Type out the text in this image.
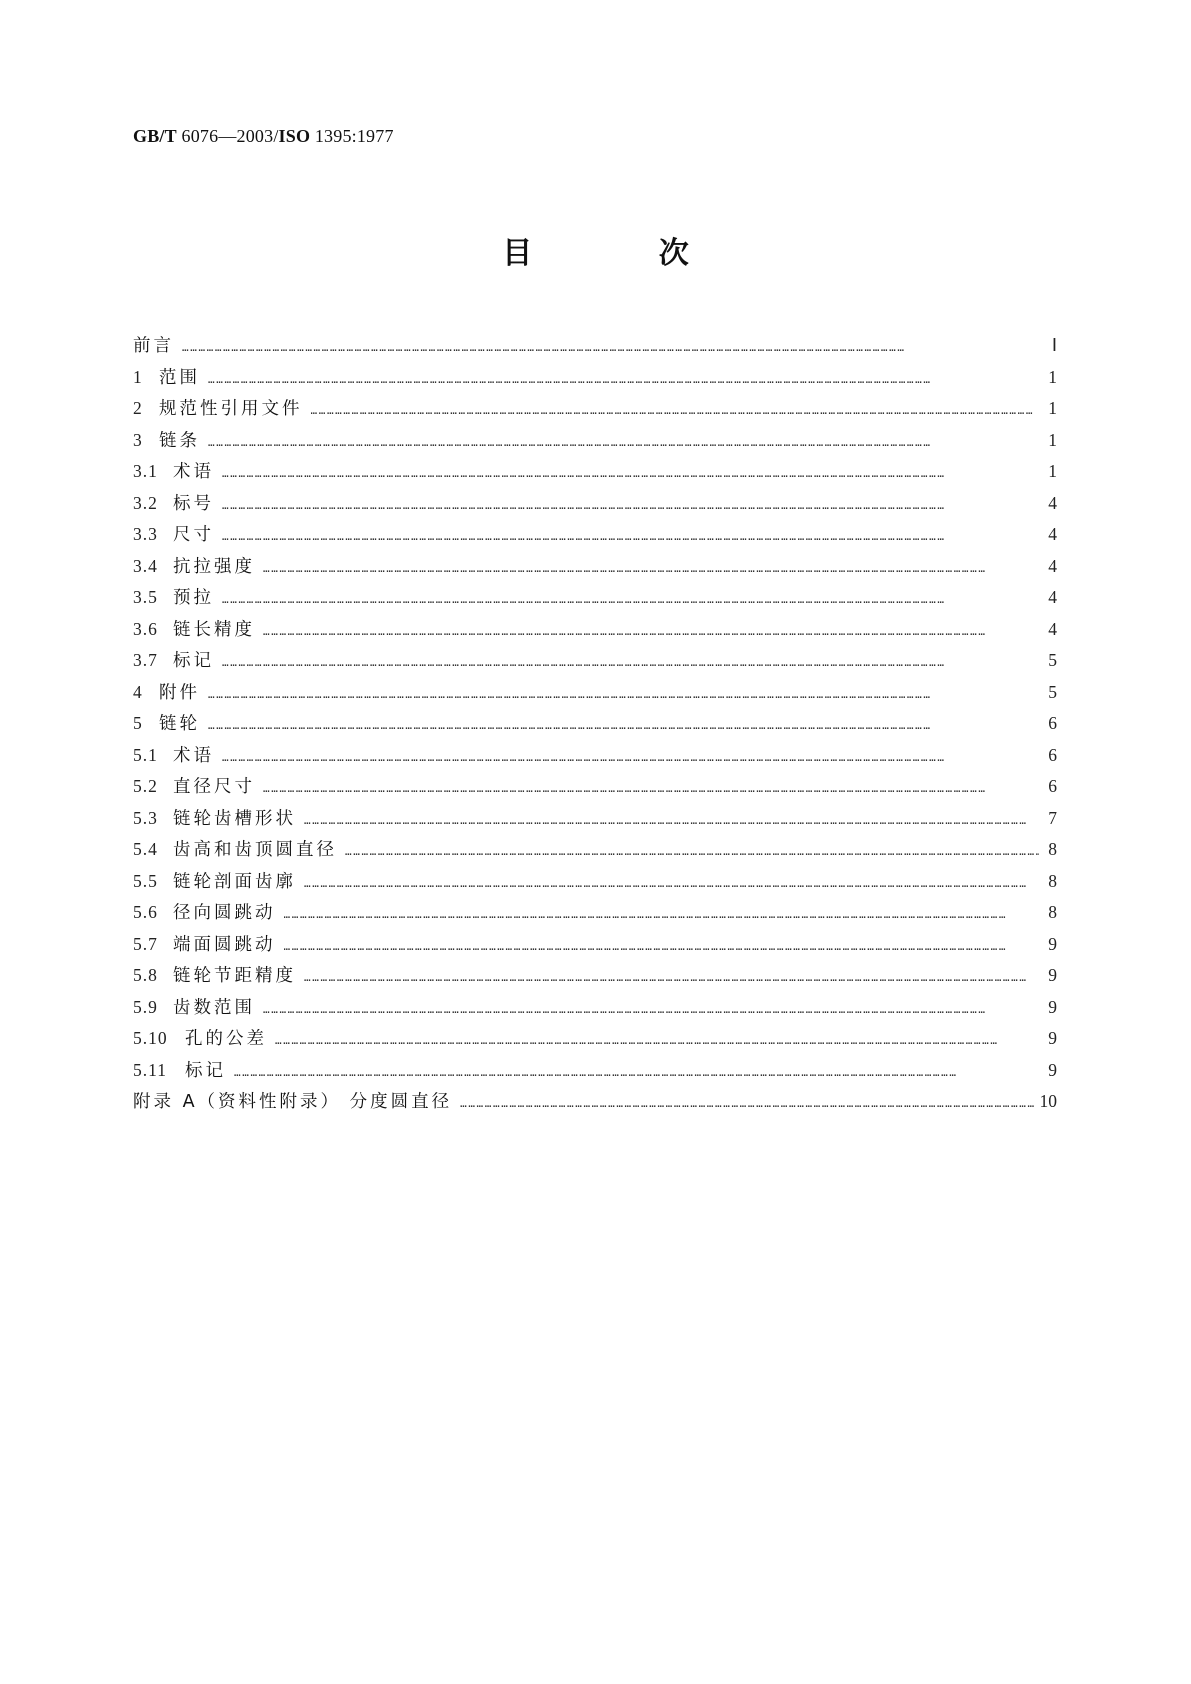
GB/T 6076—2003/ISO 1395:1977
目 次
前言 …………………………………………………………………………………………………………………………………………………………………………………………………………………………………………	Ⅰ
1 范围 …………………………………………………………………………………………………………………………………………………………………………………………………………………………………………	1
2 规范性引用文件 …………………………………………………………………………………………………………………………………………………………………………………………………………………………………………	1
3 链条 …………………………………………………………………………………………………………………………………………………………………………………………………………………………………………	1
3.1 术语 …………………………………………………………………………………………………………………………………………………………………………………………………………………………………………	1
3.2 标号 …………………………………………………………………………………………………………………………………………………………………………………………………………………………………………	4
3.3 尺寸 …………………………………………………………………………………………………………………………………………………………………………………………………………………………………………	4
3.4 抗拉强度 …………………………………………………………………………………………………………………………………………………………………………………………………………………………………………	4
3.5 预拉 …………………………………………………………………………………………………………………………………………………………………………………………………………………………………………	4
3.6 链长精度 …………………………………………………………………………………………………………………………………………………………………………………………………………………………………………	4
3.7 标记 …………………………………………………………………………………………………………………………………………………………………………………………………………………………………………	5
4 附件 …………………………………………………………………………………………………………………………………………………………………………………………………………………………………………	5
5 链轮 …………………………………………………………………………………………………………………………………………………………………………………………………………………………………………	6
5.1 术语 …………………………………………………………………………………………………………………………………………………………………………………………………………………………………………	6
5.2 直径尺寸 …………………………………………………………………………………………………………………………………………………………………………………………………………………………………………	6
5.3 链轮齿槽形状 …………………………………………………………………………………………………………………………………………………………………………………………………………………………………………	7
5.4 齿高和齿顶圆直径 …………………………………………………………………………………………………………………………………………………………………………………………………………………………………………	8
5.5 链轮剖面齿廓 …………………………………………………………………………………………………………………………………………………………………………………………………………………………………………	8
5.6 径向圆跳动 …………………………………………………………………………………………………………………………………………………………………………………………………………………………………………	8
5.7 端面圆跳动 …………………………………………………………………………………………………………………………………………………………………………………………………………………………………………	9
5.8 链轮节距精度 …………………………………………………………………………………………………………………………………………………………………………………………………………………………………………	9
5.9 齿数范围 …………………………………………………………………………………………………………………………………………………………………………………………………………………………………………	9
5.10 孔的公差 …………………………………………………………………………………………………………………………………………………………………………………………………………………………………………	9
5.11	标记 …………………………………………………………………………………………………………………………………………………………………………………………………………………………………………	9
附录 A（资料性附录） 分度圆直径 …………………………………………………………………………………………………………………………………………………………………………………………………………………………………………	10
